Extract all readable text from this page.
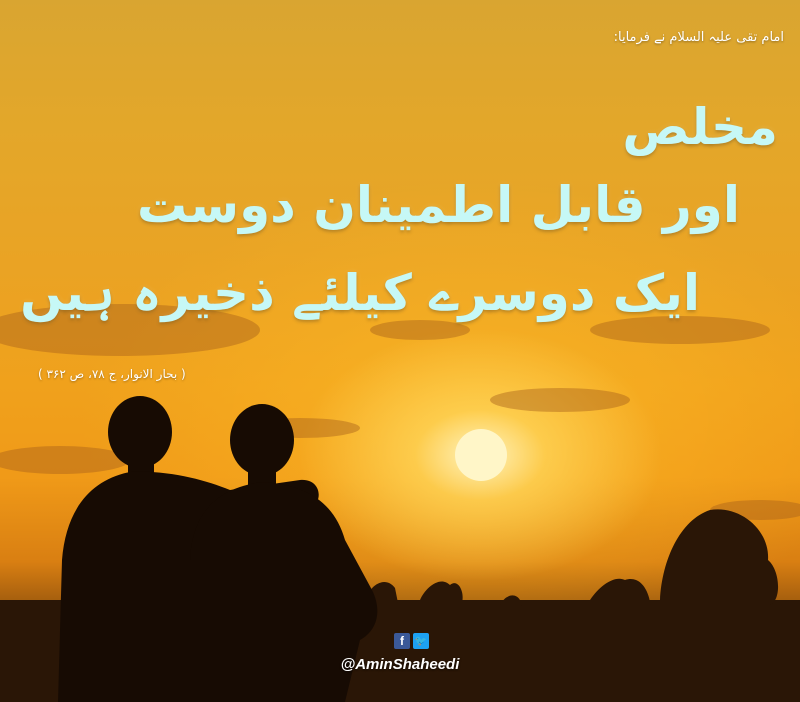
امام تقی علیہ السلام نے فرمایا:

مخلص

اور قابل اطمینان دوست

ایک دوسرے کیلئے ذخیرہ ہیں

( بحار الانوار، ج ۷۸، ص ۳۶۲ )
f	🐦
@AminShaheedi
